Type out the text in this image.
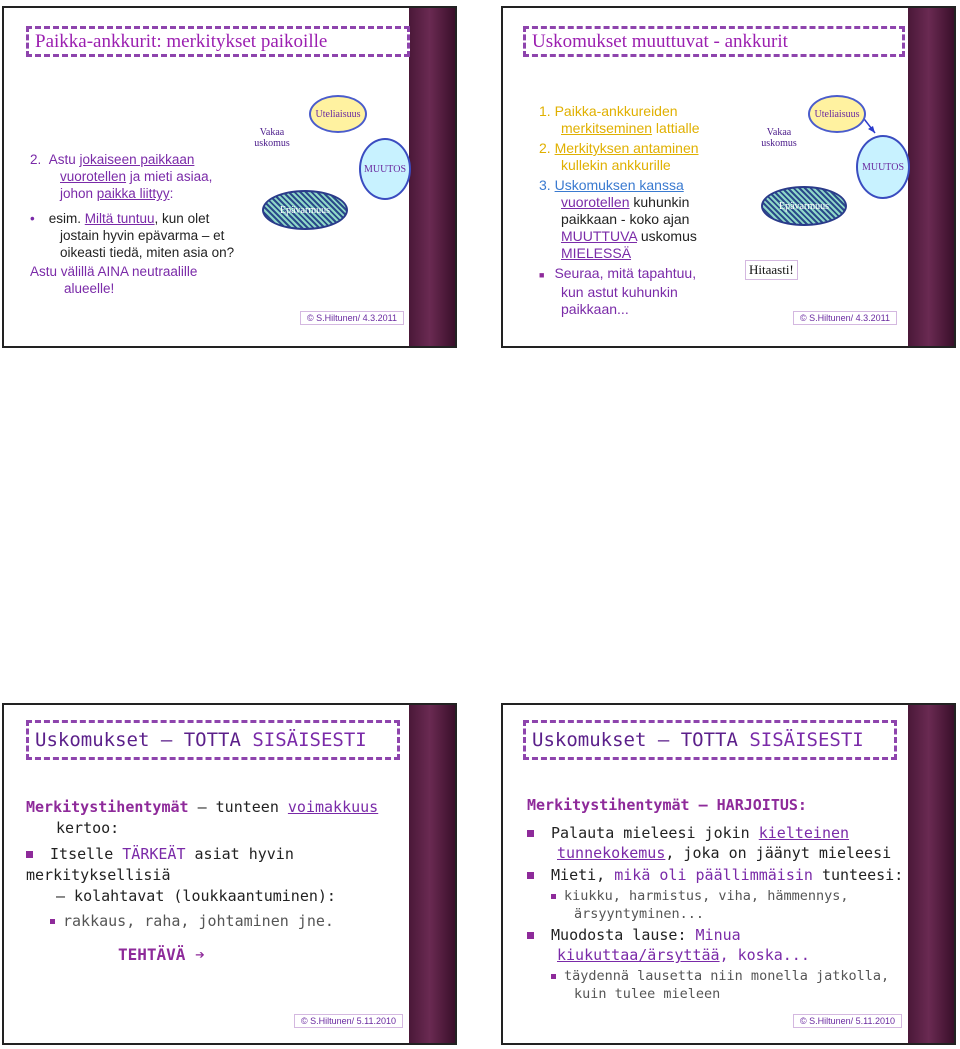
Paikka-ankkurit: merkitykset paikoille
2. Astu jokaiseen paikkaan
vuorotellen ja mieti asiaa,
johon paikka liittyy:
• esim. Miltä tuntuu, kun olet
jostain hyvin epävarma – et
oikeasti tiedä, miten asia on?
Astu välillä AINA neutraalille
alueelle!
Vakaa uskomus
Uteliaisuus
MUUTOS
Epävarmuus
© S.Hiltunen/ 4.3.2011
Uskomukset muuttuvat - ankkurit
1. Paikka-ankkureiden
merkitseminen lattialle
2. Merkityksen antaminen
kullekin ankkurille
3. Uskomuksen kanssa
vuorotellen kuhunkin
paikkaan - koko ajan
MUUTTUVA uskomus
MIELESSÄ
■ Seuraa, mitä tapahtuu,
kun astut kuhunkin
paikkaan...
Vakaa uskomus
Uteliaisuus
MUUTOS
Epävarmuus
Hitaasti!
© S.Hiltunen/ 4.3.2011
Uskomukset – TOTTA SISÄISESTI
Merkitystihentymät – tunteen voimakkuus
kertoo:
Itselle TÄRKEÄT asiat hyvin merkityksellisiä
– kolahtavat (loukkaantuminen):
rakkaus, raha, johtaminen jne.
TEHTÄVÄ ➔
© S.Hiltunen/ 5.11.2010
Uskomukset – TOTTA SISÄISESTI
Merkitystihentymät – HARJOITUS:
Palauta mieleesi jokin kielteinen
tunnekokemus, joka on jäänyt mieleesi
Mieti, mikä oli päällimmäisin tunteesi:
kiukku, harmistus, viha, hämmennys,
ärsyyntyminen...
Muodosta lause: Minua
kiukuttaa/ärsyttää, koska...
täydennä lausetta niin monella jatkolla,
kuin tulee mieleen
© S.Hiltunen/ 5.11.2010
